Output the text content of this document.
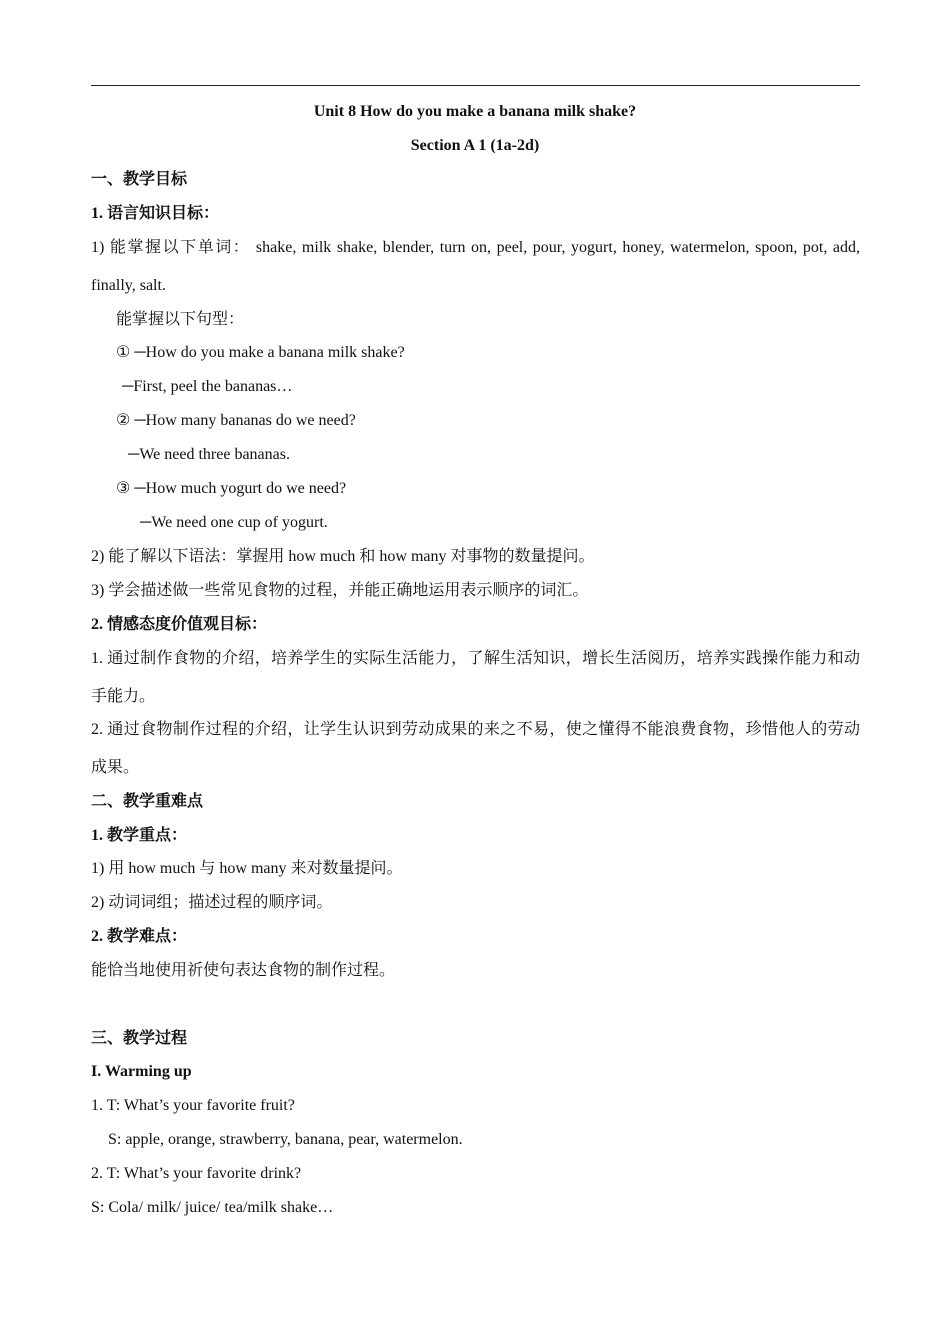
Unit 8 How do you make a banana milk shake?
Section A 1 (1a-2d)
一、教学目标
1. 语言知识目标：
1) 能掌握以下单词： shake, milk shake, blender, turn on, peel, pour, yogurt, honey, watermelon, spoon, pot, add,
finally, salt.
能掌握以下句型：
① ─How do you make a banana milk shake?
─First, peel the bananas…
② ─How many bananas do we need?
─We need three bananas.
③ ─How much yogurt do we need?
─We need one cup of yogurt.
2) 能了解以下语法：掌握用 how much 和 how many 对事物的数量提问。
3) 学会描述做一些常见食物的过程，并能正确地运用表示顺序的词汇。
2. 情感态度价值观目标：
1. 通过制作食物的介绍，培养学生的实际生活能力，了解生活知识，增长生活阅历，培养实践操作能力和动
手能力。
2. 通过食物制作过程的介绍，让学生认识到劳动成果的来之不易，使之懂得不能浪费食物，珍惜他人的劳动
成果。
二、教学重难点
1. 教学重点：
1) 用 how much 与 how many 来对数量提问。
2) 动词词组；描述过程的顺序词。
2. 教学难点：
能恰当地使用祈使句表达食物的制作过程。
三、教学过程
I. Warming up
1. T: What’s your favorite fruit?
S: apple, orange, strawberry, banana, pear, watermelon.
2. T: What’s your favorite drink?
S: Cola/ milk/ juice/ tea/milk shake…
